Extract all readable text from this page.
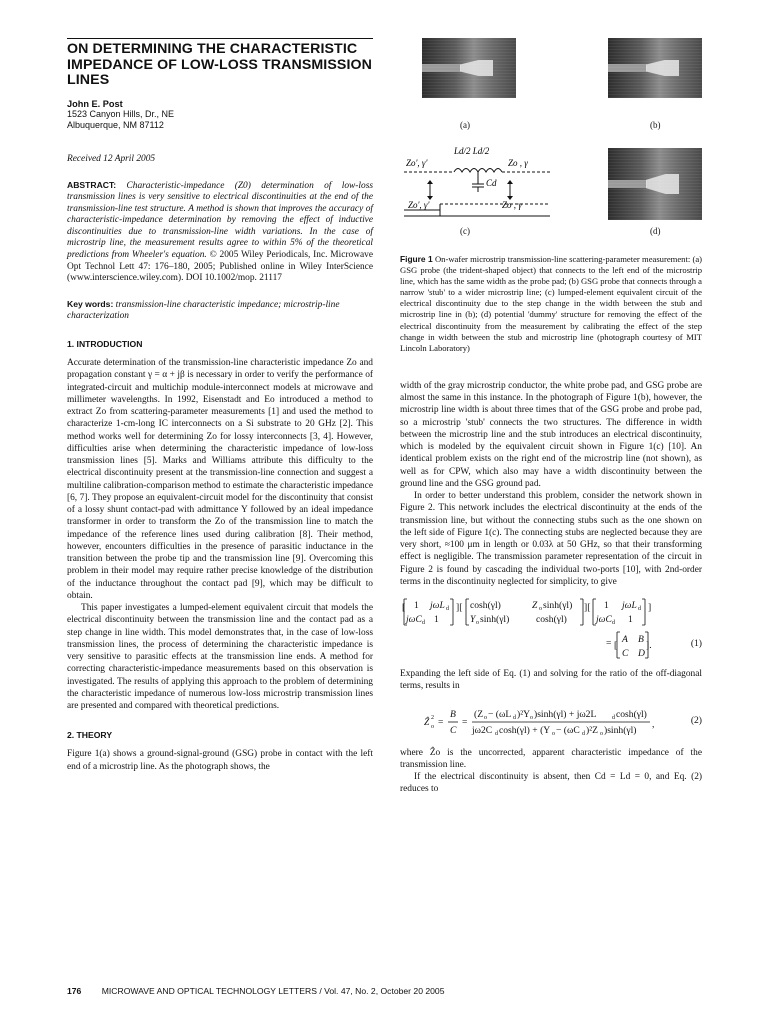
ON DETERMINING THE CHARACTERISTIC IMPEDANCE OF LOW-LOSS TRANSMISSION LINES
John E. Post
1523 Canyon Hills, Dr., NE
Albuquerque, NM 87112
Received 12 April 2005
ABSTRACT: Characteristic-impedance (Z0) determination of low-loss transmission lines is very sensitive to electrical discontinuities at the end of the transmission-line test structure. A method is shown that improves the accuracy of characteristic-impedance determination by removing the effect of inductive discontinuities due to transmission-line width variations. In the case of microstrip line, the measurement results agree to within 5% of the theoretical predictions from Wheeler's equation. © 2005 Wiley Periodicals, Inc. Microwave Opt Technol Lett 47: 176–180, 2005; Published online in Wiley InterScience (www.interscience.wiley.com). DOI 10.1002/mop. 21117
Key words: transmission-line characteristic impedance; microstrip-line characterization
1. INTRODUCTION
Accurate determination of the transmission-line characteristic impedance Zo and propagation constant γ = α + jβ is necessary in order to verify the performance of integrated-circuit and multichip module-interconnect models at microwave and millimeter wavelengths. In 1992, Eisenstadt and Eo introduced a method to extract Zo from scattering-parameter measurements [1] and used the method to characterize 1-cm-long IC interconnects on a Si substrate to 20 GHz [2]. This method works well for determining Zo for lossy interconnects [3, 4]. However, difficulties arise when determining the characteristic impedance of low-loss transmission lines [5]. Marks and Williams attribute this difficulty to the electrical discontinuity present at the transmission-line connection and suggest a multiline calibration-comparison method to estimate the characteristic impedance [6, 7]. They propose an equivalent-circuit model for the discontinuity that consist of a lossy shunt contact-pad with admittance Y followed by an ideal impedance transformer in order to transform the Zo of the transmission line to match the impedance of the reference lines used during calibration [8]. Their method, however, encounters difficulties in the presence of parasitic inductance in the transition between the probe tip and the transmission line [9]. Overcoming this problem in their model may require rather precise knowledge of the distribution of the inductance throughout the contact pad [9], which may be difficult to obtain.
This paper investigates a lumped-element equivalent circuit that models the electrical discontinuity between the transmission line and the contact pad as a step change in line width. This model demonstrates that, in the case of low-loss transmission lines, the process of determining the characteristic impedance is very sensitive to parasitic effects at the transmission line ends. A method for correcting characteristic-impedance measurements based on this observation is investigated. The results of applying this approach to the problem of determining the characteristic impedance of numerous low-loss microstrip transmission lines are presented and compared with theoretical predictions.
2. THEORY
Figure 1(a) shows a ground-signal-ground (GSG) probe in contact with the left end of a microstrip line. As the photograph shows, the
(a)	(b)
Ld/2 Ld/2
Zo', γ'
Cd
Zo , γ
Zo', γ'	Zo , γ
(c)	(d)
Figure 1 On-wafer microstrip transmission-line scattering-parameter measurement: (a) GSG probe (the trident-shaped object) that connects to the left end of the microstrip line, which has the same width as the probe pad; (b) GSG probe that connects through a narrow 'stub' to a wider microstrip line; (c) lumped-element equivalent circuit of the electrical discontinuity due to the step change in the width between the stub and microstrip line in (b); (d) potential 'dummy' structure for removing the effect of the electrical discontinuity from the measurement by calibrating the effect of the step change in width between the stub and microstrip line (photograph courtesy of MIT Lincoln Laboratory)
width of the gray microstrip conductor, the white probe pad, and GSG probe are almost the same in this instance. In the photograph of Figure 1(b), however, the microstrip line width is about three times that of the GSG probe and probe pad, so a microstrip 'stub' connects the two structures. The difference in width between the microstrip line and the stub introduces an electrical discontinuity, which is modeled by the equivalent circuit shown in Figure 1(c) [10]. An identical problem exists on the right end of the microstrip line (not shown), as well as for CPW, which also may have a width discontinuity between the ground line and the GSG ground pad.
In order to better understand this problem, consider the network shown in Figure 2. This network includes the electrical discontinuity at the ends of the transmission line, but without the connecting stubs such as the one shown on the left side of Figure 1(c). The connecting stubs are neglected because they are very short, ≈100 μm in length or 0.03λ at 50 GHz, so that their transforming effect is negligible. The transmission parameter representation of the circuit in Figure 2 is found by cascading the individual two-ports [10], with 2nd-order terms in the discontinuity neglected for simplicity, to give
[ 1 jωL d
jωC d 1
][ cosh(γl)	Z o sinh(γl)
Y o sinh(γl)	cosh(γl)
][ 1 jωL d
jωC d 1
]
= [
A B
C D
].	(1)
Expanding the left side of Eq. (1) and solving for the ratio of the off-diagonal terms, results in
Ẑ 2
o =
B
C
=
(Z o − (ωL d )²Y o )sinh(γl) + jω2L	d cosh(γl)
jω2C d cosh(γl) + (Y o − (ωC d )²Z o )sinh(γl)
,	(2)
where Ẑo is the uncorrected, apparent characteristic impedance of the transmission line.
If the electrical discontinuity is absent, then Cd = Ld = 0, and Eq. (2) reduces to
176 MICROWAVE AND OPTICAL TECHNOLOGY LETTERS / Vol. 47, No. 2, October 20 2005
